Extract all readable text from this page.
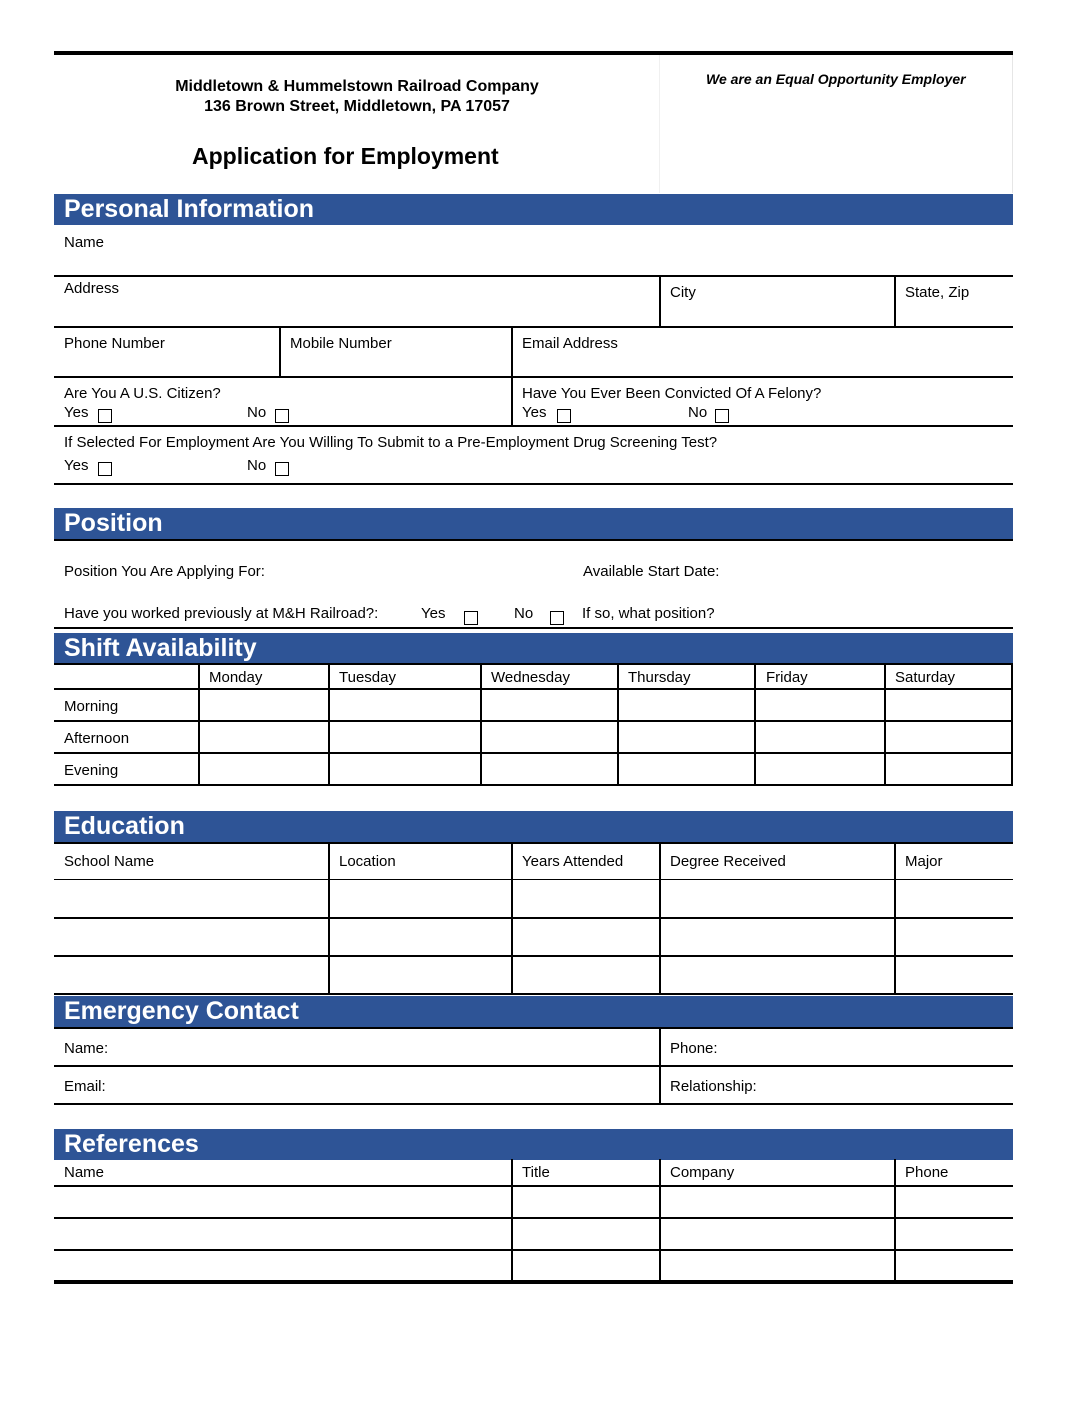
Middletown & Hummelstown Railroad Company
136 Brown Street, Middletown, PA 17057
We are an Equal Opportunity Employer
Application for Employment
Personal Information
Name
Address	City	State, Zip
Phone Number	Mobile Number	Email Address
Are You A U.S. Citizen?
Yes	No
Have You Ever Been Convicted Of A Felony?
Yes	No
If Selected For Employment Are You Willing To Submit to a Pre-Employment Drug Screening Test?
Yes	No
Position
Position You Are Applying For:	Available Start Date:
Have you worked previously at M&H Railroad?:	Yes	No	If so, what position?
Shift Availability
Monday	Tuesday	Wednesday	Thursday	Friday	Saturday
Morning
Afternoon
Evening
Education
School Name	Location	Years Attended	Degree Received	Major
Emergency Contact
Name:	Phone:
Email:	Relationship:
References
Name	Title	Company	Phone
